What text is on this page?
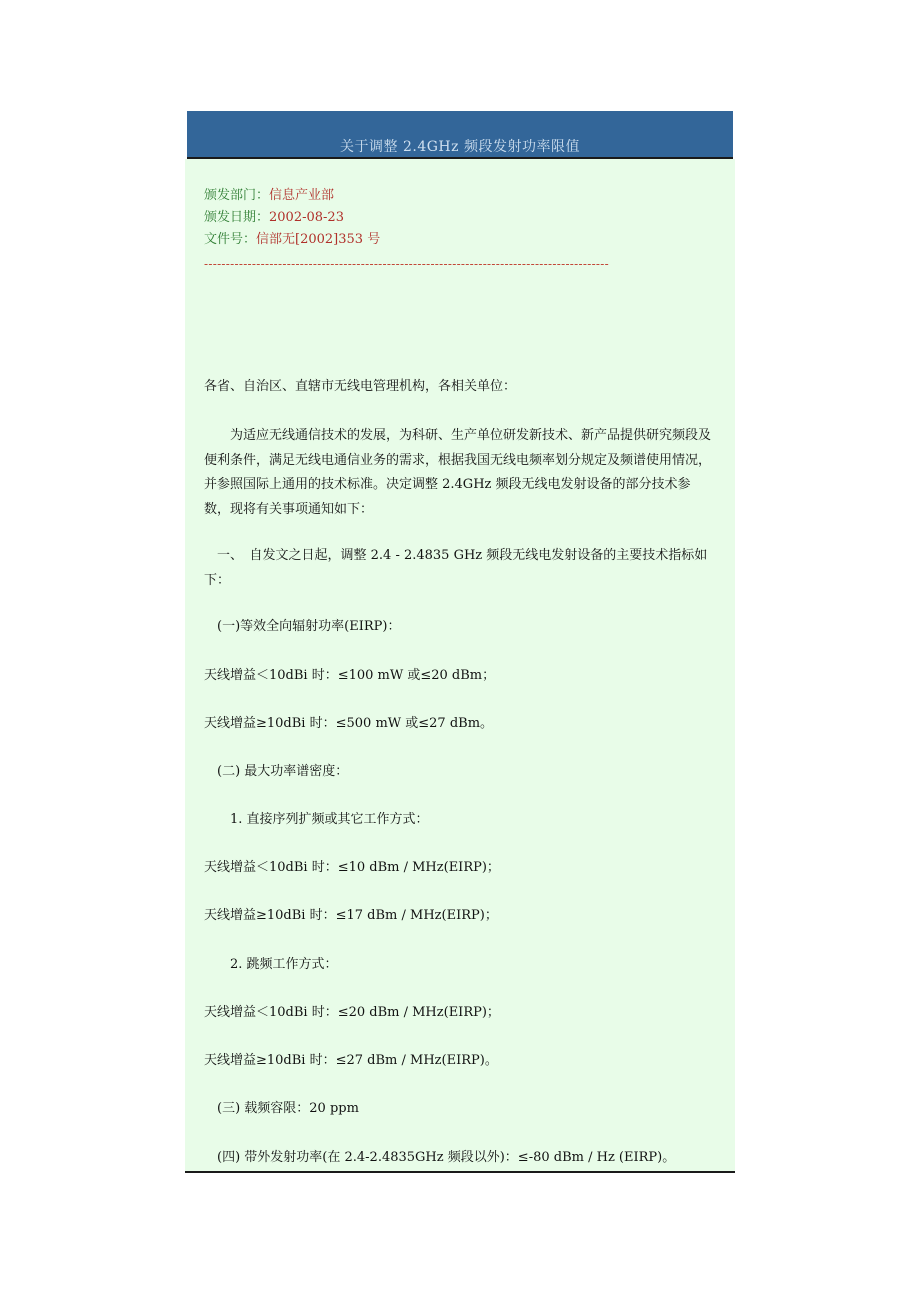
关于调整 2.4GHz 频段发射功率限值
颁发部门：信息产业部
颁发日期：2002-08-23
文件号：信部无[2002]353 号
---------------------------------------------------------------------------------------------
各省、自治区、直辖市无线电管理机构，各相关单位：
　　为适应无线通信技术的发展，为科研、生产单位研发新技术、新产品提供研究频段及便利条件，满足无线电通信业务的需求，根据我国无线电频率划分规定及频谱使用情况，并参照国际上通用的技术标准。决定调整 2.4GHz 频段无线电发射设备的部分技术参数，现将有关事项通知如下：
　一、　自发文之日起，调整 2.4 - 2.4835 GHz 频段无线电发射设备的主要技术指标如下：
　(一)等效全向辐射功率(EIRP)：
天线增益＜10dBi 时：≤100 mW 或≤20 dBm；
天线增益≥10dBi 时：≤500 mW 或≤27 dBm。
　(二) 最大功率谱密度：
　　1. 直接序列扩频或其它工作方式：
天线增益＜10dBi 时：≤10 dBm / MHz(EIRP)；
天线增益≥10dBi 时：≤17 dBm / MHz(EIRP)；
　　2. 跳频工作方式：
天线增益＜10dBi 时：≤20 dBm / MHz(EIRP)；
天线增益≥10dBi 时：≤27 dBm / MHz(EIRP)。
　(三) 载频容限：20 ppm
　(四) 带外发射功率(在 2.4-2.4835GHz 频段以外)：≤-80 dBm / Hz (EIRP)。
